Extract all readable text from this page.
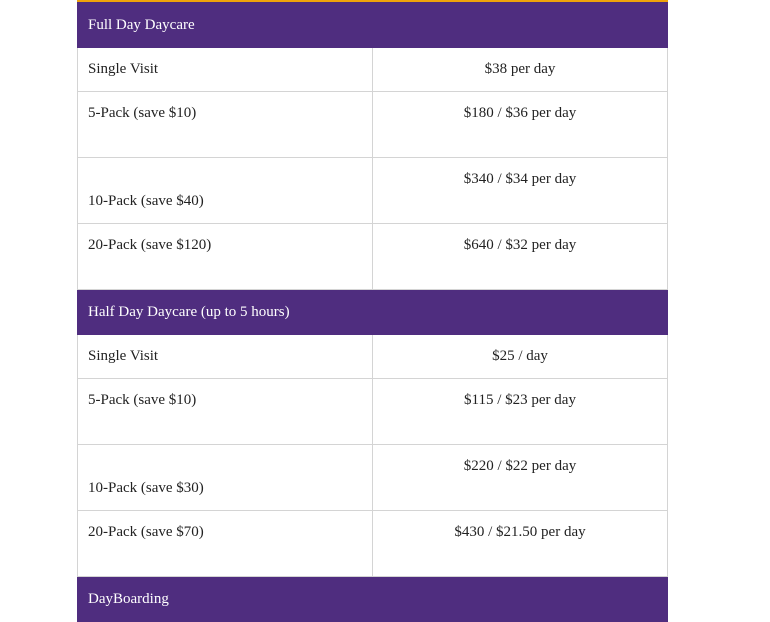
Full Day Daycare	
Single Visit	$38 per day
5-Pack (save $10)	$180 / $36 per day
10-Pack (save $40)	$340 / $34 per day
20-Pack (save $120)	$640 / $32 per day
Half Day Daycare (up to 5 hours)	
Single Visit	$25 / day
5-Pack (save $10)	$115 / $23 per day
10-Pack (save $30)	$220 / $22 per day
20-Pack (save $70)	$430 / $21.50 per day
DayBoarding	
